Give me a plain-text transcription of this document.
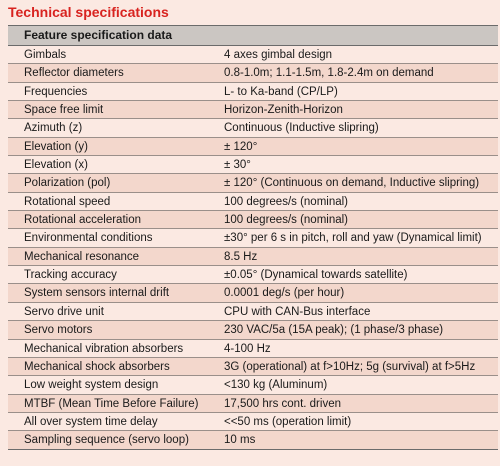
Technical specifications
Feature specification data
Gimbals	4 axes gimbal design
Reflector diameters	0.8-1.0m; 1.1-1.5m, 1.8-2.4m on demand
Frequencies	L- to Ka-band (CP/LP)
Space free limit	Horizon-Zenith-Horizon
Azimuth (z)	Continuous (Inductive slipring)
Elevation (y)	± 120°
Elevation (x)	± 30°
Polarization (pol)	± 120° (Continuous on demand, Inductive slipring)
Rotational speed	100 degrees/s (nominal)
Rotational acceleration	100 degrees/s (nominal)
Environmental conditions	±30° per 6 s in pitch, roll and yaw (Dynamical limit)
Mechanical resonance	8.5 Hz
Tracking accuracy	±0.05° (Dynamical towards satellite)
System sensors internal drift	0.0001 deg/s (per hour)
Servo drive unit	CPU with CAN-Bus interface
Servo motors	230 VAC/5a (15A peak); (1 phase/3 phase)
Mechanical vibration absorbers	4-100 Hz
Mechanical shock absorbers	3G (operational) at f>10Hz; 5g (survival) at f>5Hz
Low weight system design	<130 kg (Aluminum)
MTBF (Mean Time Before Failure)	17,500 hrs cont. driven
All over system time delay	<<50 ms (operation limit)
Sampling sequence (servo loop)	10 ms
